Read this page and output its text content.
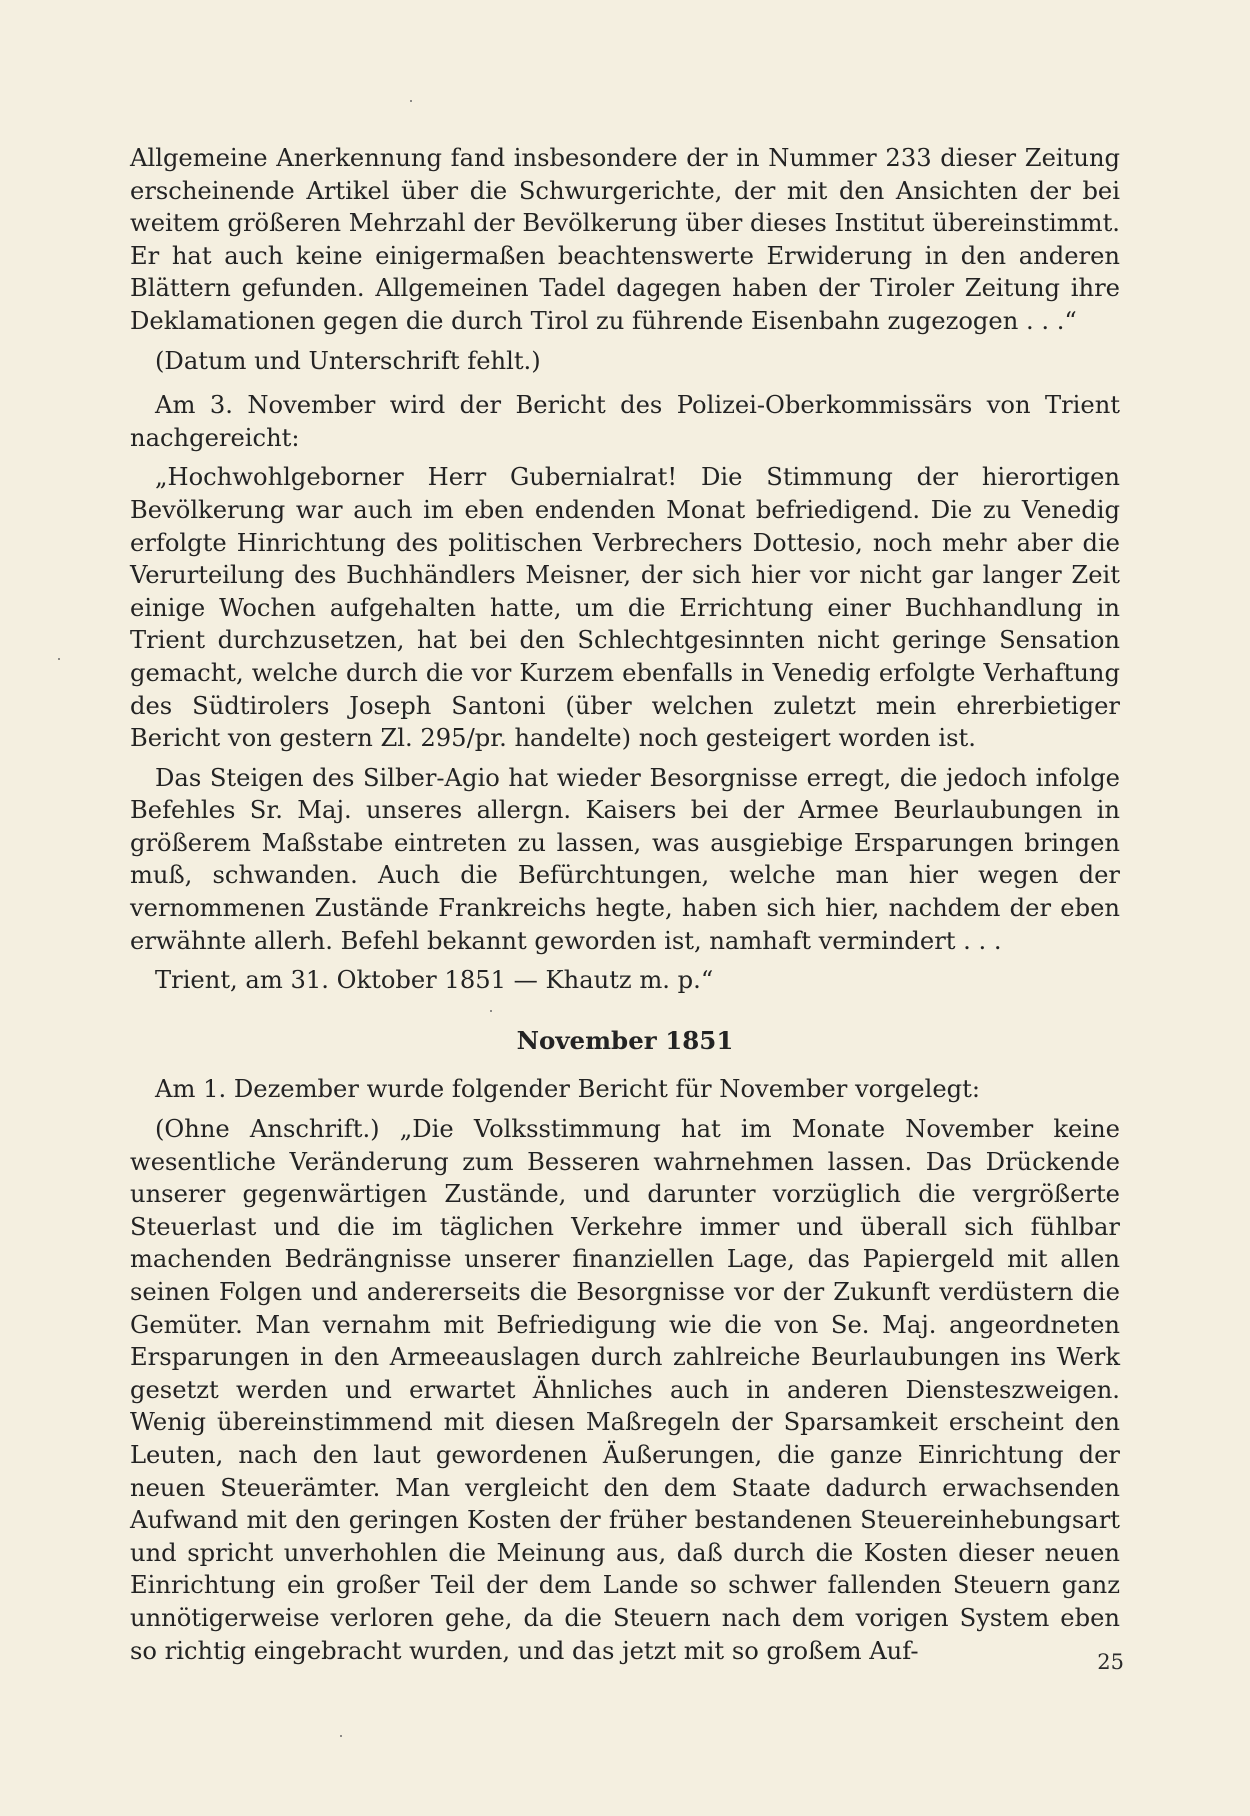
Allgemeine Anerkennung fand insbesondere der in Nummer 233 dieser Zeitung erscheinende Artikel über die Schwurgerichte, der mit den Ansichten der bei weitem größeren Mehrzahl der Bevölkerung über dieses Institut übereinstimmt. Er hat auch keine einigermaßen beachtenswerte Erwiderung in den anderen Blättern gefunden. Allgemeinen Tadel dagegen haben der Tiroler Zeitung ihre Deklamationen gegen die durch Tirol zu führende Eisenbahn zugezogen . . .“

(Datum und Unterschrift fehlt.)

Am 3. November wird der Bericht des Polizei-Oberkommissärs von Trient nachgereicht:

„Hochwohlgeborner Herr Gubernialrat! Die Stimmung der hierortigen Bevölkerung war auch im eben endenden Monat befriedigend. Die zu Venedig erfolgte Hinrichtung des politischen Verbrechers Dottesio, noch mehr aber die Verurteilung des Buchhändlers Meisner, der sich hier vor nicht gar langer Zeit einige Wochen aufgehalten hatte, um die Errichtung einer Buchhandlung in Trient durchzusetzen, hat bei den Schlechtgesinnten nicht geringe Sensation gemacht, welche durch die vor Kurzem ebenfalls in Venedig erfolgte Verhaftung des Südtirolers Joseph Santoni (über welchen zuletzt mein ehrerbietiger Bericht von gestern Zl. 295/pr. handelte) noch gesteigert worden ist.

Das Steigen des Silber-Agio hat wieder Besorgnisse erregt, die jedoch infolge Befehles Sr. Maj. unseres allergn. Kaisers bei der Armee Beurlaubungen in größerem Maßstabe eintreten zu lassen, was ausgiebige Ersparungen bringen muß, schwanden. Auch die Befürchtungen, welche man hier wegen der vernommenen Zustände Frankreichs hegte, haben sich hier, nachdem der eben erwähnte allerh. Befehl bekannt geworden ist, namhaft vermindert . . .

Trient, am 31. Oktober 1851 — Khautz m. p.“

November 1851

Am 1. Dezember wurde folgender Bericht für November vorgelegt:

(Ohne Anschrift.) „Die Volksstimmung hat im Monate November keine wesentliche Veränderung zum Besseren wahrnehmen lassen. Das Drückende unserer gegenwärtigen Zustände, und darunter vorzüglich die vergrößerte Steuerlast und die im täglichen Verkehre immer und überall sich fühlbar machenden Bedrängnisse unserer finanziellen Lage, das Papiergeld mit allen seinen Folgen und andererseits die Besorgnisse vor der Zukunft verdüstern die Gemüter. Man vernahm mit Befriedigung wie die von Se. Maj. angeordneten Ersparungen in den Armeeauslagen durch zahlreiche Beurlaubungen ins Werk gesetzt werden und erwartet Ähnliches auch in anderen Diensteszweigen. Wenig übereinstimmend mit diesen Maßregeln der Sparsamkeit erscheint den Leuten, nach den laut gewordenen Äußerungen, die ganze Einrichtung der neuen Steuerämter. Man vergleicht den dem Staate dadurch erwachsenden Aufwand mit den geringen Kosten der früher bestandenen Steuereinhebungsart und spricht unverhohlen die Meinung aus, daß durch die Kosten dieser neuen Einrichtung ein großer Teil der dem Lande so schwer fallenden Steuern ganz unnötigerweise verloren gehe, da die Steuern nach dem vorigen System eben so richtig eingebracht wurden, und das jetzt mit so großem Auf-	25
